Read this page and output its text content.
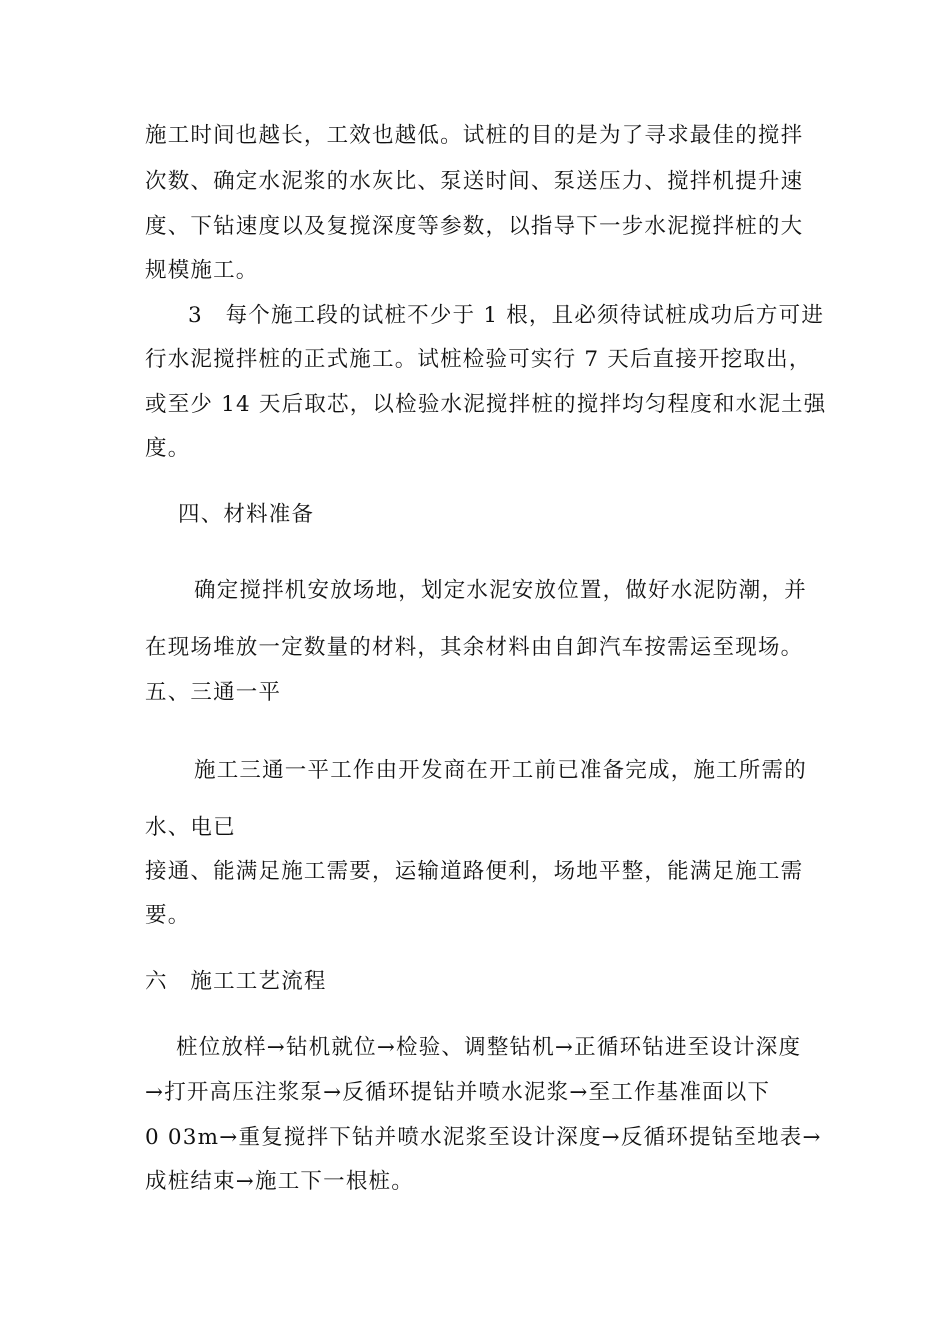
施工时间也越长，工效也越低。试桩的目的是为了寻求最佳的搅拌
次数、确定水泥浆的水灰比、泵送时间、泵送压力、搅拌机提升速
度、下钻速度以及复搅深度等参数，以指导下一步水泥搅拌桩的大
规模施工。
3　每个施工段的试桩不少于 1 根，且必须待试桩成功后方可进
行水泥搅拌桩的正式施工。试桩检验可实行 7 天后直接开挖取出，
或至少 14 天后取芯，以检验水泥搅拌桩的搅拌均匀程度和水泥土强
度。
四、材料准备
确定搅拌机安放场地，划定水泥安放位置，做好水泥防潮，并
在现场堆放一定数量的材料，其余材料由自卸汽车按需运至现场。
五、三通一平
施工三通一平工作由开发商在开工前已准备完成，施工所需的
水、电已
接通、能满足施工需要，运输道路便利，场地平整，能满足施工需
要。
六　施工工艺流程
桩位放样→钻机就位→检验、调整钻机→正循环钻进至设计深度
→打开高压注浆泵→反循环提钻并喷水泥浆→至工作基准面以下
0 03m→重复搅拌下钻并喷水泥浆至设计深度→反循环提钻至地表→
成桩结束→施工下一根桩。
